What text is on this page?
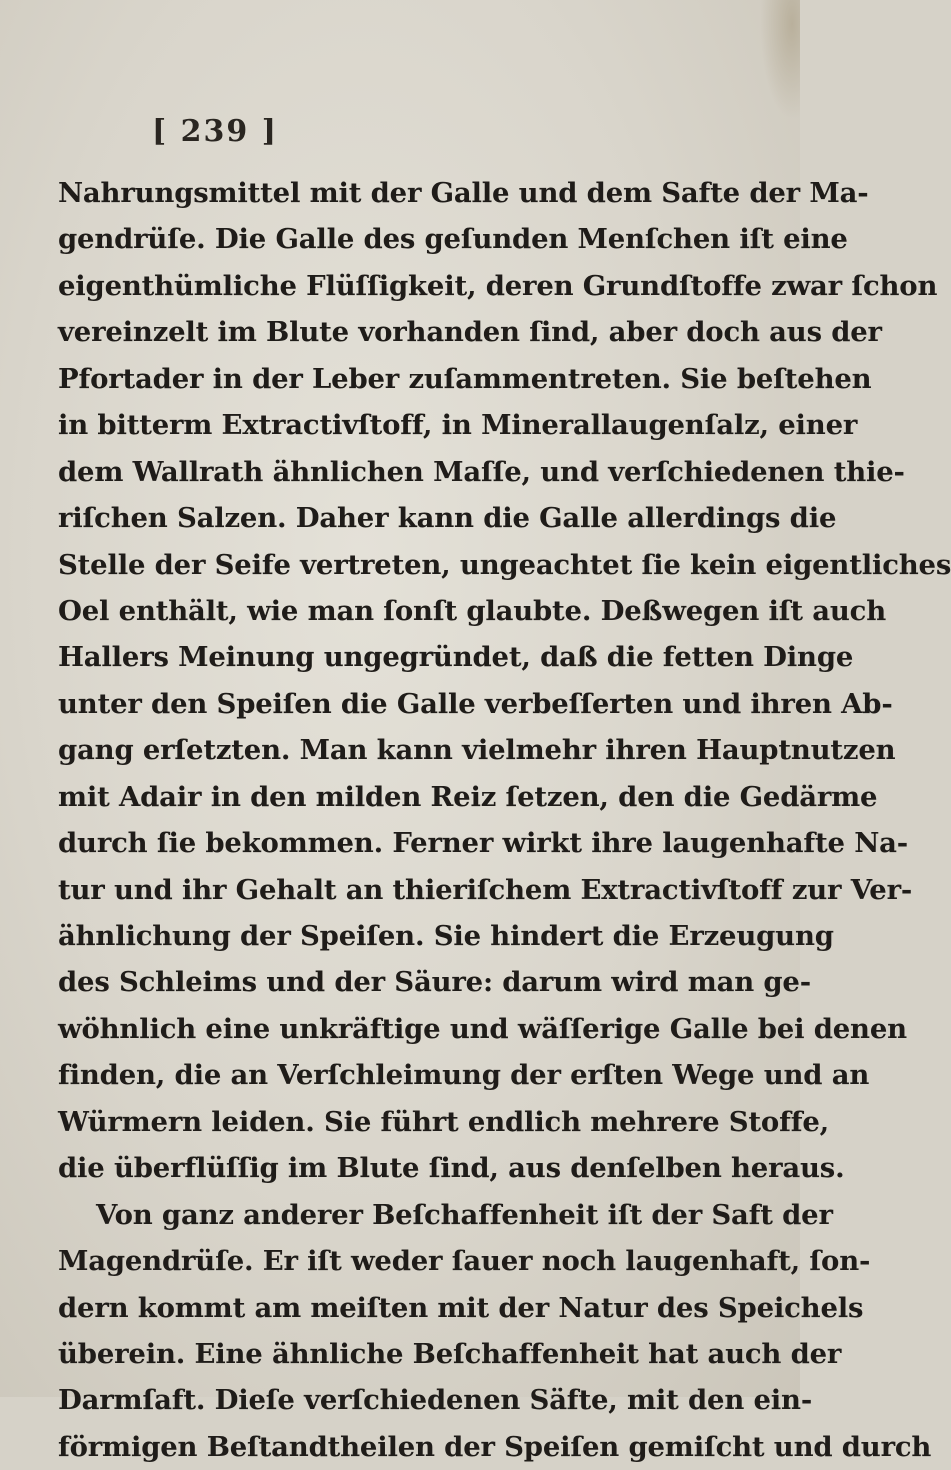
[ 239 ]
Nahrungsmittel mit der Galle und dem Safte der Ma-
gendrüſe. Die Galle des geſunden Menſchen iſt eine
eigenthümliche Flüſſigkeit, deren Grundſtoffe zwar ſchon
vereinzelt im Blute vorhanden ſind, aber doch aus der
Pfortader in der Leber zuſammentreten. Sie beſtehen
in bitterm Extractivſtoff, in Minerallaugenſalz, einer
dem Wallrath ähnlichen Maſſe, und verſchiedenen thie-
riſchen Salzen. Daher kann die Galle allerdings die
Stelle der Seife vertreten, ungeachtet ſie kein eigentliches
Oel enthält, wie man ſonſt glaubte. Deßwegen iſt auch
Hallers Meinung ungegründet, daß die fetten Dinge
unter den Speiſen die Galle verbeſſerten und ihren Ab-
gang erſetzten. Man kann vielmehr ihren Hauptnutzen
mit Adair in den milden Reiz ſetzen, den die Gedärme
durch ſie bekommen. Ferner wirkt ihre laugenhafte Na-
tur und ihr Gehalt an thieriſchem Extractivſtoff zur Ver-
ähnlichung der Speiſen. Sie hindert die Erzeugung
des Schleims und der Säure: darum wird man ge-
wöhnlich eine unkräftige und wäſſerige Galle bei denen
finden, die an Verſchleimung der erſten Wege und an
Würmern leiden. Sie führt endlich mehrere Stoffe,
die überflüſſig im Blute ſind, aus denſelben heraus.
Von ganz anderer Beſchaffenheit iſt der Saft der
Magendrüſe. Er iſt weder ſauer noch laugenhaft, ſon-
dern kommt am meiſten mit der Natur des Speichels
überein. Eine ähnliche Beſchaffenheit hat auch der
Darmſaft. Dieſe verſchiedenen Säfte, mit den ein-
förmigen Beſtandtheilen der Speiſen gemiſcht und durch
